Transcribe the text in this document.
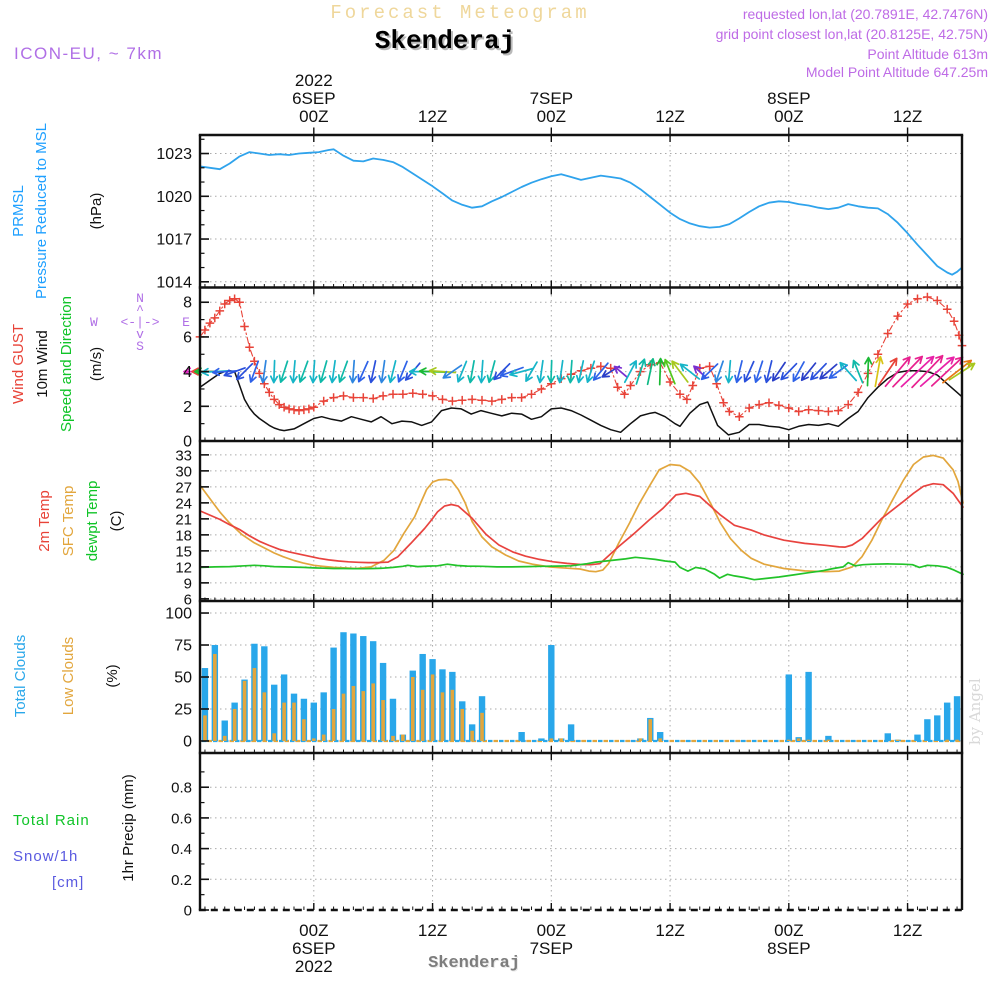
Forecast Meteogram
Skenderaj
ICON-EU, ~ 7km
requested lon,lat (20.7891E, 42.7476N)
grid point closest lon,lat (20.8125E, 42.75N)
Point Altitude 613m
Model Point Altitude 647.25m
PRMSL Pressure Reduced to MSL	(hPa)
Wind GUST 10m Wind Speed and Direction (m/s)
N
^
W <-|-> E
v
S
2m Temp SFC Temp dewpt Temp (C)
Total Clouds Low Clouds (%)
Total Rain
Snow/1h
[cm]
1hr Precip (mm)
Skenderaj
by Angel
1014
1017
1020
1023
0
2
4
6
8
6
9
12
15
18
21
24
27
30
33
0
25
50
75
100
0
0.2
0.4
0.6
0.8
2022
6SEP
00Z
00Z
6SEP
2022
12Z
12Z
7SEP
00Z
00Z
7SEP
12Z
12Z
8SEP
00Z
00Z
8SEP
12Z
12Z
